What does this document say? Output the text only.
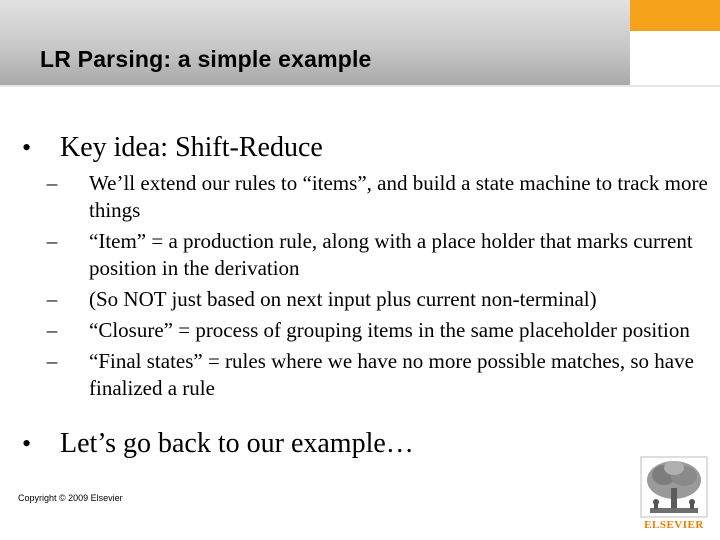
LR Parsing: a simple example
• Key idea: Shift-Reduce
– We’ll extend our rules to “items”, and build a state machine to track more things
– “Item” = a production rule, along with a place holder that marks current position in the derivation
– (So NOT just based on next input plus current non-terminal)
– “Closure” = process of grouping items in the same placeholder position
– “Final states” = rules where we have no more possible matches, so have finalized a rule
• Let’s go back to our example…
Copyright © 2009 Elsevier
ELSEVIER
